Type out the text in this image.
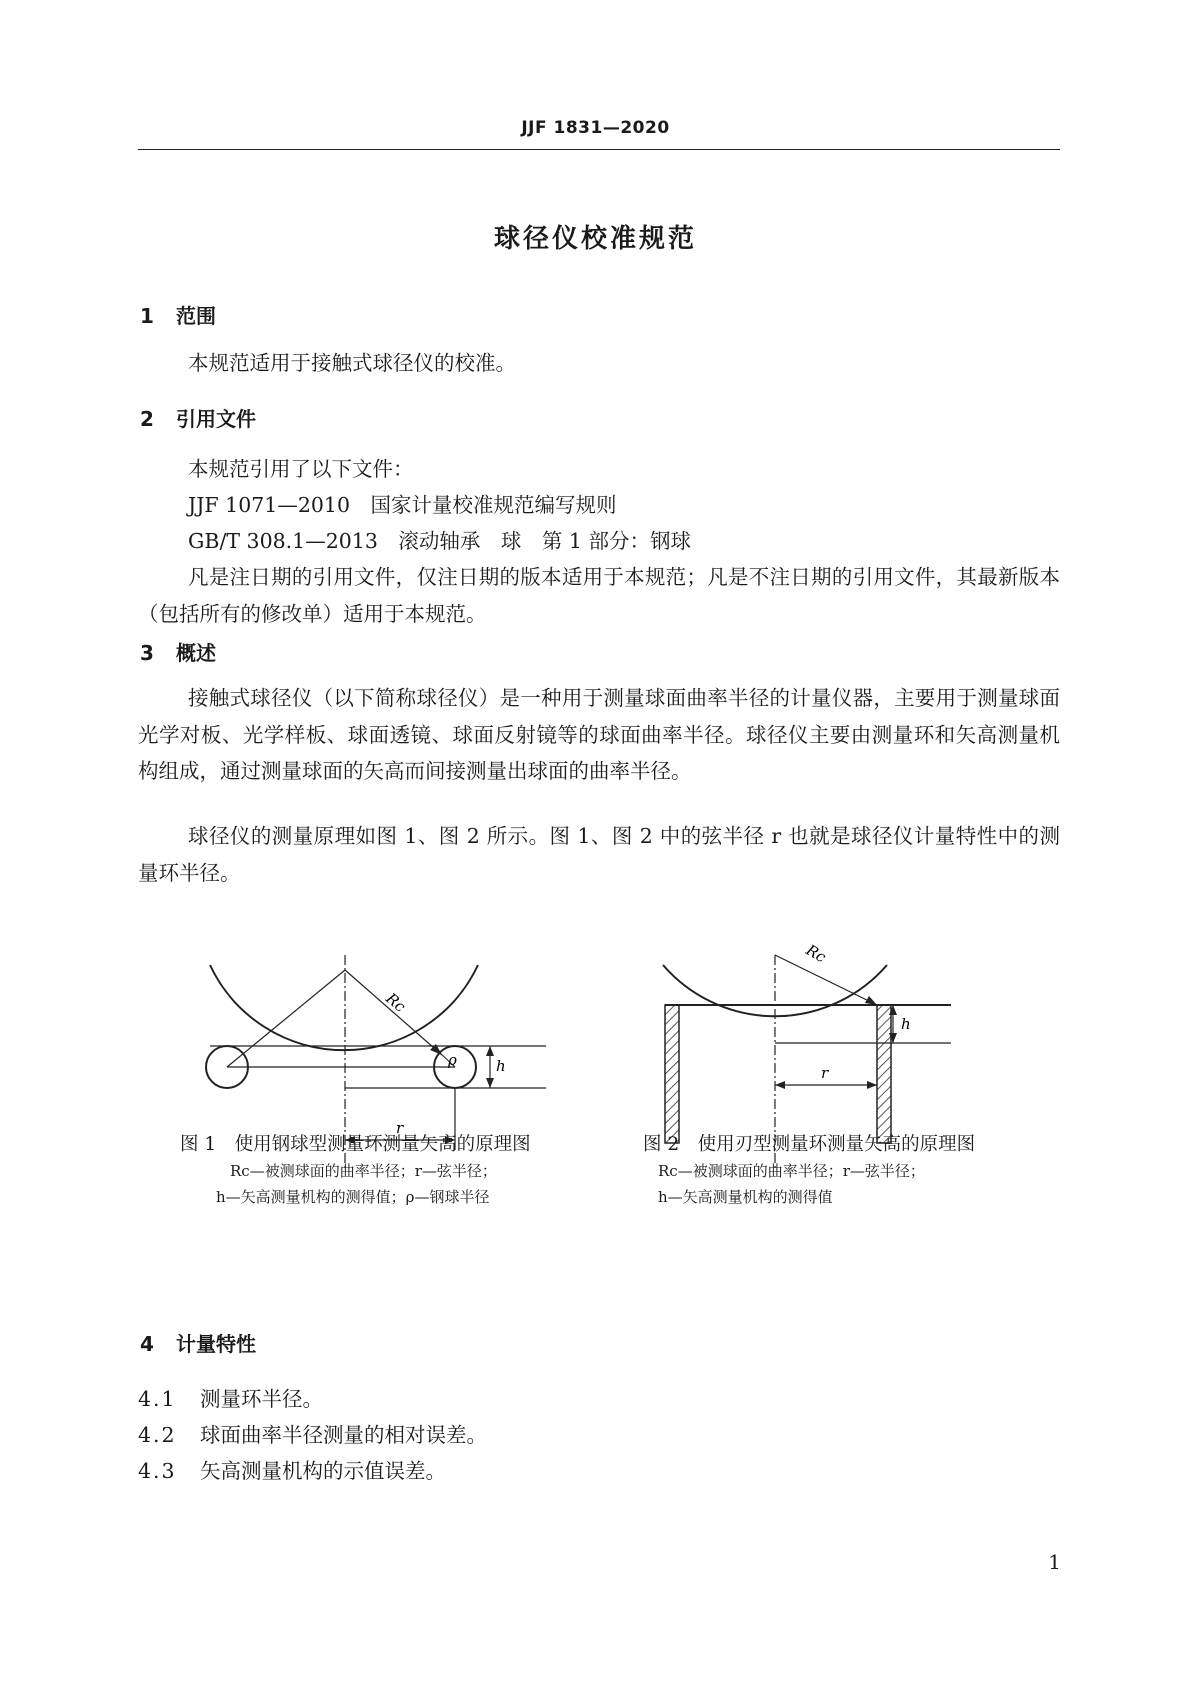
JJF 1831—2020
球径仪校准规范
1 范围
本规范适用于接触式球径仪的校准。
2 引用文件
本规范引用了以下文件：
JJF 1071—2010　国家计量校准规范编写规则
GB/T 308.1—2013　滚动轴承　球　第 1 部分：钢球
凡是注日期的引用文件，仅注日期的版本适用于本规范；凡是不注日期的引用文件，其最新版本（包括所有的修改单）适用于本规范。
3 概述
接触式球径仪（以下简称球径仪）是一种用于测量球面曲率半径的计量仪器，主要用于测量球面光学对板、光学样板、球面透镜、球面反射镜等的球面曲率半径。球径仪主要由测量环和矢高测量机构组成，通过测量球面的矢高而间接测量出球面的曲率半径。
球径仪的测量原理如图 1、图 2 所示。图 1、图 2 中的弦半径 r 也就是球径仪计量特性中的测量环半径。
Rc
ρ	h
r
图 1　使用钢球型测量环测量矢高的原理图
Rc—被测球面的曲率半径；r—弦半径；
h—矢高测量机构的测得值；ρ—钢球半径
Rc
h
r
图 2　使用刃型测量环测量矢高的原理图
Rc—被测球面的曲率半径；r—弦半径；
h—矢高测量机构的测得值
4 计量特性
4.1 测量环半径。
4.2 球面曲率半径测量的相对误差。
4.3 矢高测量机构的示值误差。
1
